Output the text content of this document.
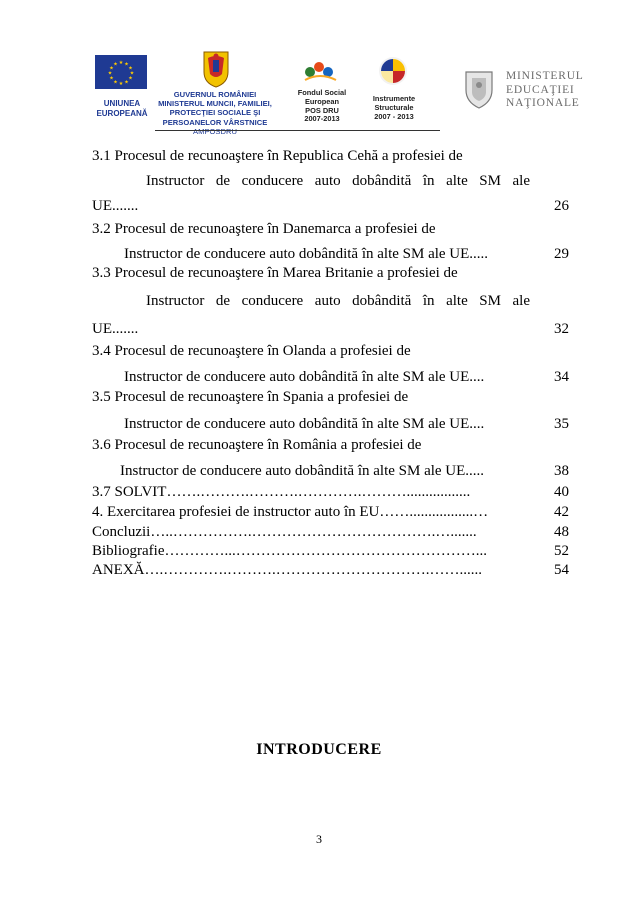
★ ★
★
★
★
★
★
★
★
★
★
★
UNIUNEA
EUROPEANĂ
GUVERNUL ROMÂNIEI
MINISTERUL MUNCII, FAMILIEI,
PROTECŢIEI SOCIALE ŞI
PERSOANELOR VÂRSTNICE
AMPOSDRU
Fondul Social
European
POS DRU
2007-2013
Instrumente
Structurale
2007 - 2013
MINISTERUL
EDUCAŢIEI
NAŢIONALE
3.1 Procesul de recunoaştere în Republica Cehă a profesiei de
Instructor de conducere auto dobândită în alte SM ale
UE.......	26
3.2 Procesul de recunoaştere în Danemarca a profesiei de
Instructor de conducere auto dobândită în alte SM ale UE.....	29
3.3 Procesul de recunoaştere în Marea Britanie a profesiei de
Instructor de conducere auto dobândită în alte SM ale
UE.......	32
3.4 Procesul de recunoaştere în Olanda a profesiei de
Instructor de conducere auto dobândită în alte SM ale UE....	34
3.5 Procesul de recunoaştere în Spania a profesiei de
Instructor de conducere auto dobândită în alte SM ale UE....	35
3.6 Procesul de recunoaştere în România a profesiei de
Instructor de conducere auto dobândită în alte SM ale UE.....	38
3.7 SOLVIT…….……….……….………….……….................	40
4. Exercitarea profesiei de instructor auto în EU…….................…	42
Concluzii…..…………….……………………………….….......	48
Bibliografie…………...…………………………………………...	52
ANEXĂ….………….……….………………………….……......	54
INTRODUCERE
3
